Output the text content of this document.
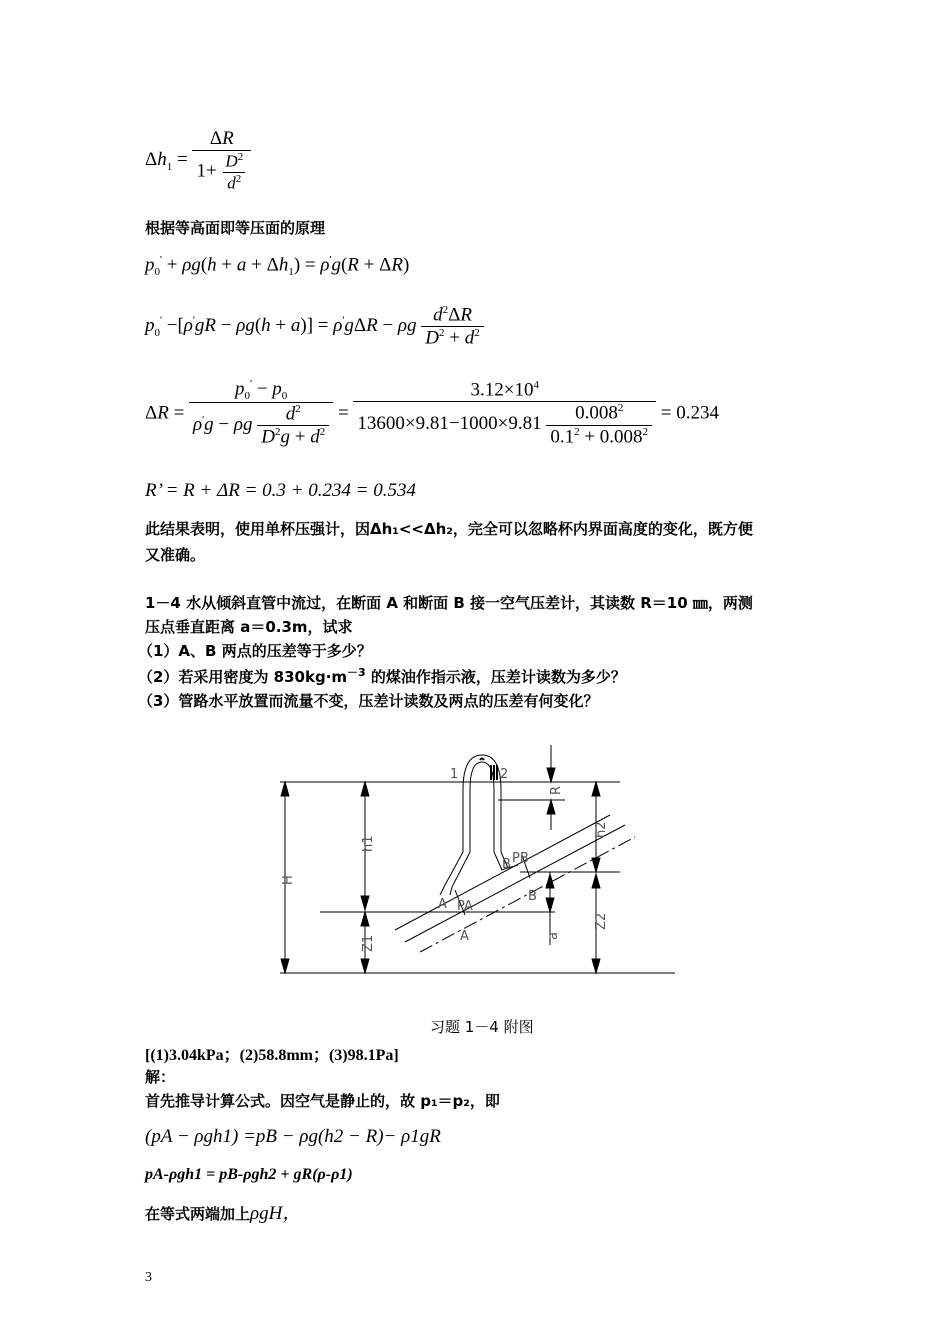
$\Delta h_1 = \frac{\Delta R}{1+ \frac{D^2}{d^2}}$
根据等高面即等压面的原理
$p_0' + \rho g(h + a + \Delta h_1) = \rho'g(R + \Delta R)$
$p_0' -[\rho'gR - \rho g(h + a)] = \rho'g\Delta R - \rho g \frac{d^2\Delta R}{D^2 + d^2}$
$\Delta R = \frac{p_0' - p_0}{\rho'g - \rho g \frac{d^2}{D^2g + d^2}} = \frac{3.12\times 10^4}{13600\times 9.81-1000\times 9.81 \frac{0.008^2}{0.1^2 + 0.008^2}} = 0.234$
R’ = R + ΔR = 0.3 + 0.234 = 0.534
此结果表明，使用单杯压强计，因Δh₁<<Δh₂，完全可以忽略杯内界面高度的变化，既方便
又准确。
1－4 水从倾斜直管中流过，在断面 A 和断面 B 接一空气压差计，其读数 R＝10 ㎜，两测
压点垂直距离 a＝0.3m，试求
（1）A、B 两点的压差等于多少？
（2）若采用密度为 $830kg\cdot m^{-3}$ 的煤油作指示液，压差计读数为多少？
（3）管路水平放置而流量不变，压差计读数及两点的压差有何变化？
1	2
R
h1
h2
H
Z1
Z2
a
A
A
PA
B PB
B
习题 1－4 附图
[(1)3.04kPa；(2)58.8mm；(3)98.1Pa]
解：
首先推导计算公式。因空气是静止的，故 p₁＝p₂，即
(pA − ρgh1) =pB − ρg(h2 − R)− ρ1gR
pA-ρgh1 = pB-ρgh2 + gR(ρ-ρ1)
在等式两端加上ρgH，
3
